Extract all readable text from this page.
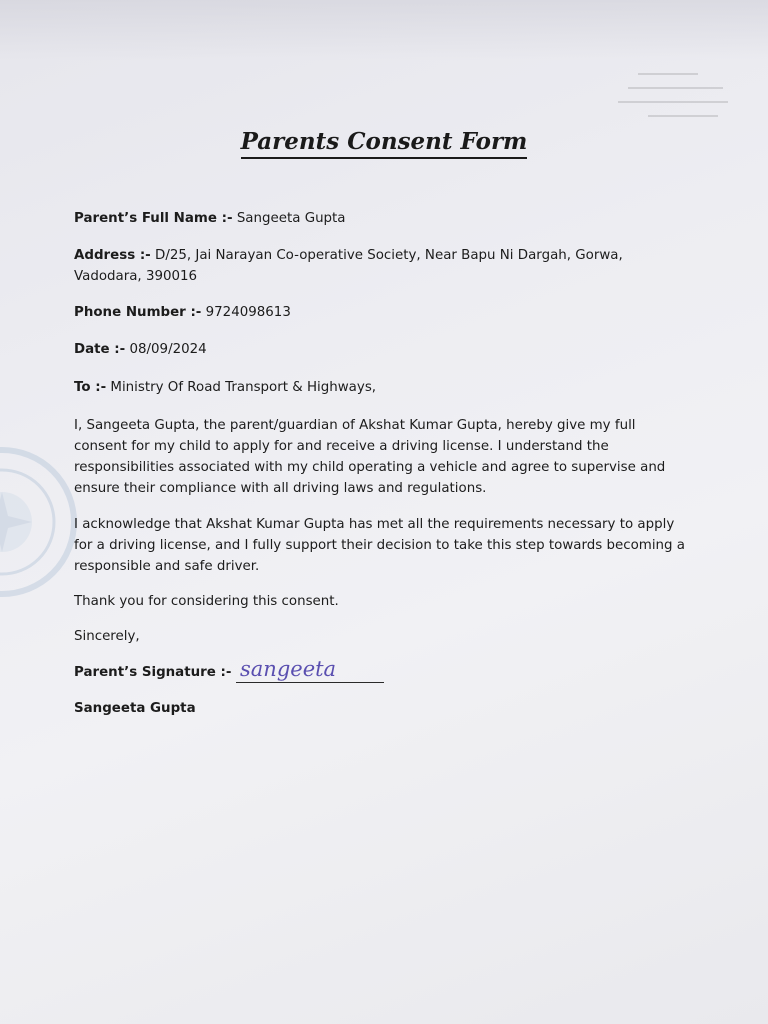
Parents Consent Form
Parent’s Full Name :- Sangeeta Gupta
Address :- D/25, Jai Narayan Co-operative Society, Near Bapu Ni Dargah, Gorwa,
Vadodara, 390016
Phone Number :- 9724098613
Date :- 08/09/2024
To :- Ministry Of Road Transport & Highways,
I, Sangeeta Gupta, the parent/guardian of Akshat Kumar Gupta, hereby give my full
consent for my child to apply for and receive a driving license. I understand the
responsibilities associated with my child operating a vehicle and agree to supervise and
ensure their compliance with all driving laws and regulations.
I acknowledge that Akshat Kumar Gupta has met all the requirements necessary to apply
for a driving license, and I fully support their decision to take this step towards becoming a
responsible and safe driver.
Thank you for considering this consent.
Sincerely,
Parent’s Signature :- sangeeta
Sangeeta Gupta
